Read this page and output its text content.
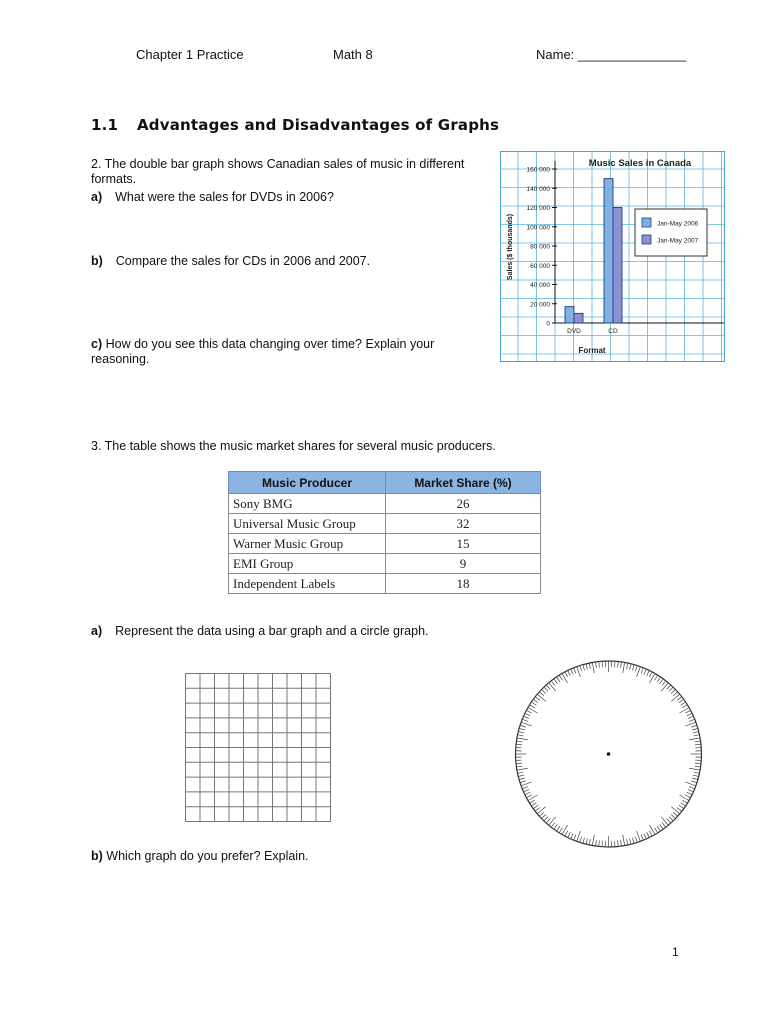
Chapter 1 Practice	Math 8	Name: _______________
1.1 Advantages and Disadvantages of Graphs
2. The double bar graph shows Canadian sales of music in different
formats.
a) What were the sales for DVDs in 2006?
b) Compare the sales for CDs in 2006 and 2007.
c) How do you see this data changing over time? Explain your
reasoning.
0
20 000
40 000
60 000
80 000
100 000
120 000
140 000
160 000
DVD	CD
Music Sales in Canada
Format
Sales ($ thousands)	Jan-May 2006
Jan-May 2007
3. The table shows the music market shares for several music producers.
Music Producer	Market Share (%)
Sony BMG	26
Universal Music Group	32
Warner Music Group	15
EMI Group	9
Independent Labels	18
a) Represent the data using a bar graph and a circle graph.
b) Which graph do you prefer? Explain.
1
